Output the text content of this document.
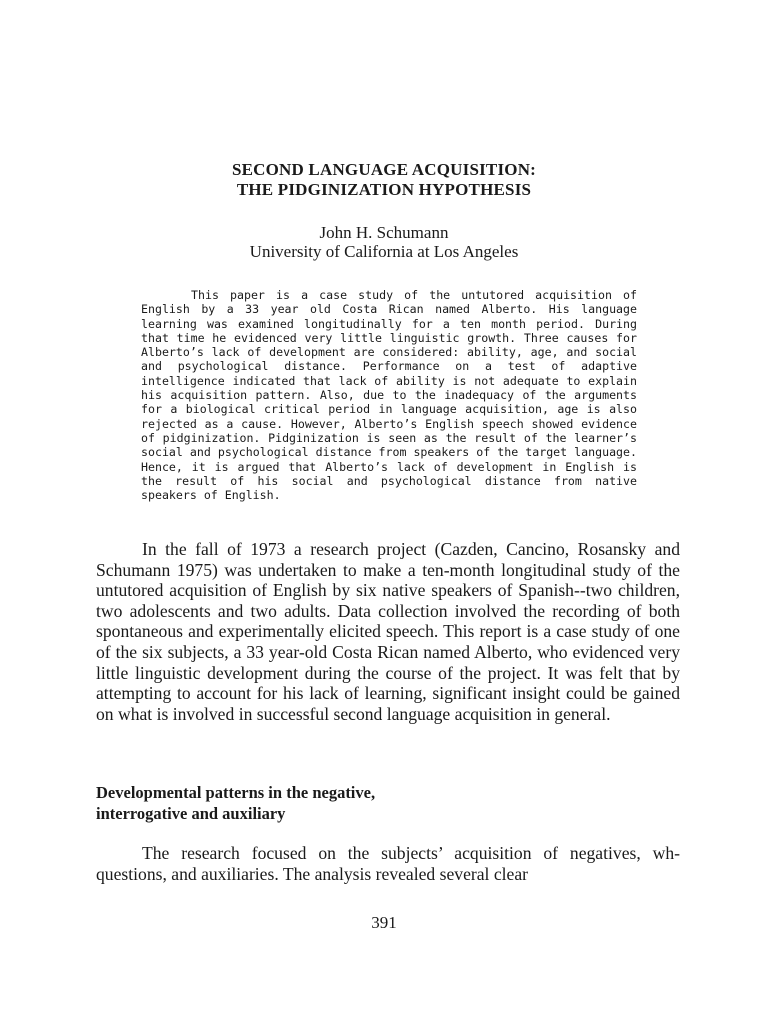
SECOND LANGUAGE ACQUISITION:
THE PIDGINIZATION HYPOTHESIS
John H. Schumann
University of California at Los Angeles
This paper is a case study of the untutored acquisition of English by a 33 year old Costa Rican named Alberto. His language learning was examined longitudinally for a ten month period. During that time he evidenced very little linguistic growth. Three causes for Alberto’s lack of development are considered: ability, age, and social and psychological distance. Performance on a test of adaptive intelligence indicated that lack of ability is not adequate to explain his acquisition pattern. Also, due to the inadequacy of the arguments for a biological critical period in language acquisition, age is also rejected as a cause. However, Alberto’s English speech showed evidence of pidginization. Pidginization is seen as the result of the learner’s social and psychological distance from speakers of the target language. Hence, it is argued that Alberto’s lack of development in English is the result of his social and psychological distance from native speakers of English.
In the fall of 1973 a research project (Cazden, Cancino, Rosansky and Schumann 1975) was undertaken to make a ten-month longitudinal study of the untutored acquisition of English by six native speakers of Spanish--two children, two adolescents and two adults. Data collection involved the recording of both spontaneous and experimentally elicited speech. This report is a case study of one of the six subjects, a 33 year-old Costa Rican named Alberto, who evidenced very little linguistic development during the course of the project. It was felt that by attempting to account for his lack of learning, significant insight could be gained on what is involved in successful second language acquisition in general.
Developmental patterns in the negative,
interrogative and auxiliary
The research focused on the subjects’ acquisition of negatives, wh- questions, and auxiliaries. The analysis revealed several clear
391
